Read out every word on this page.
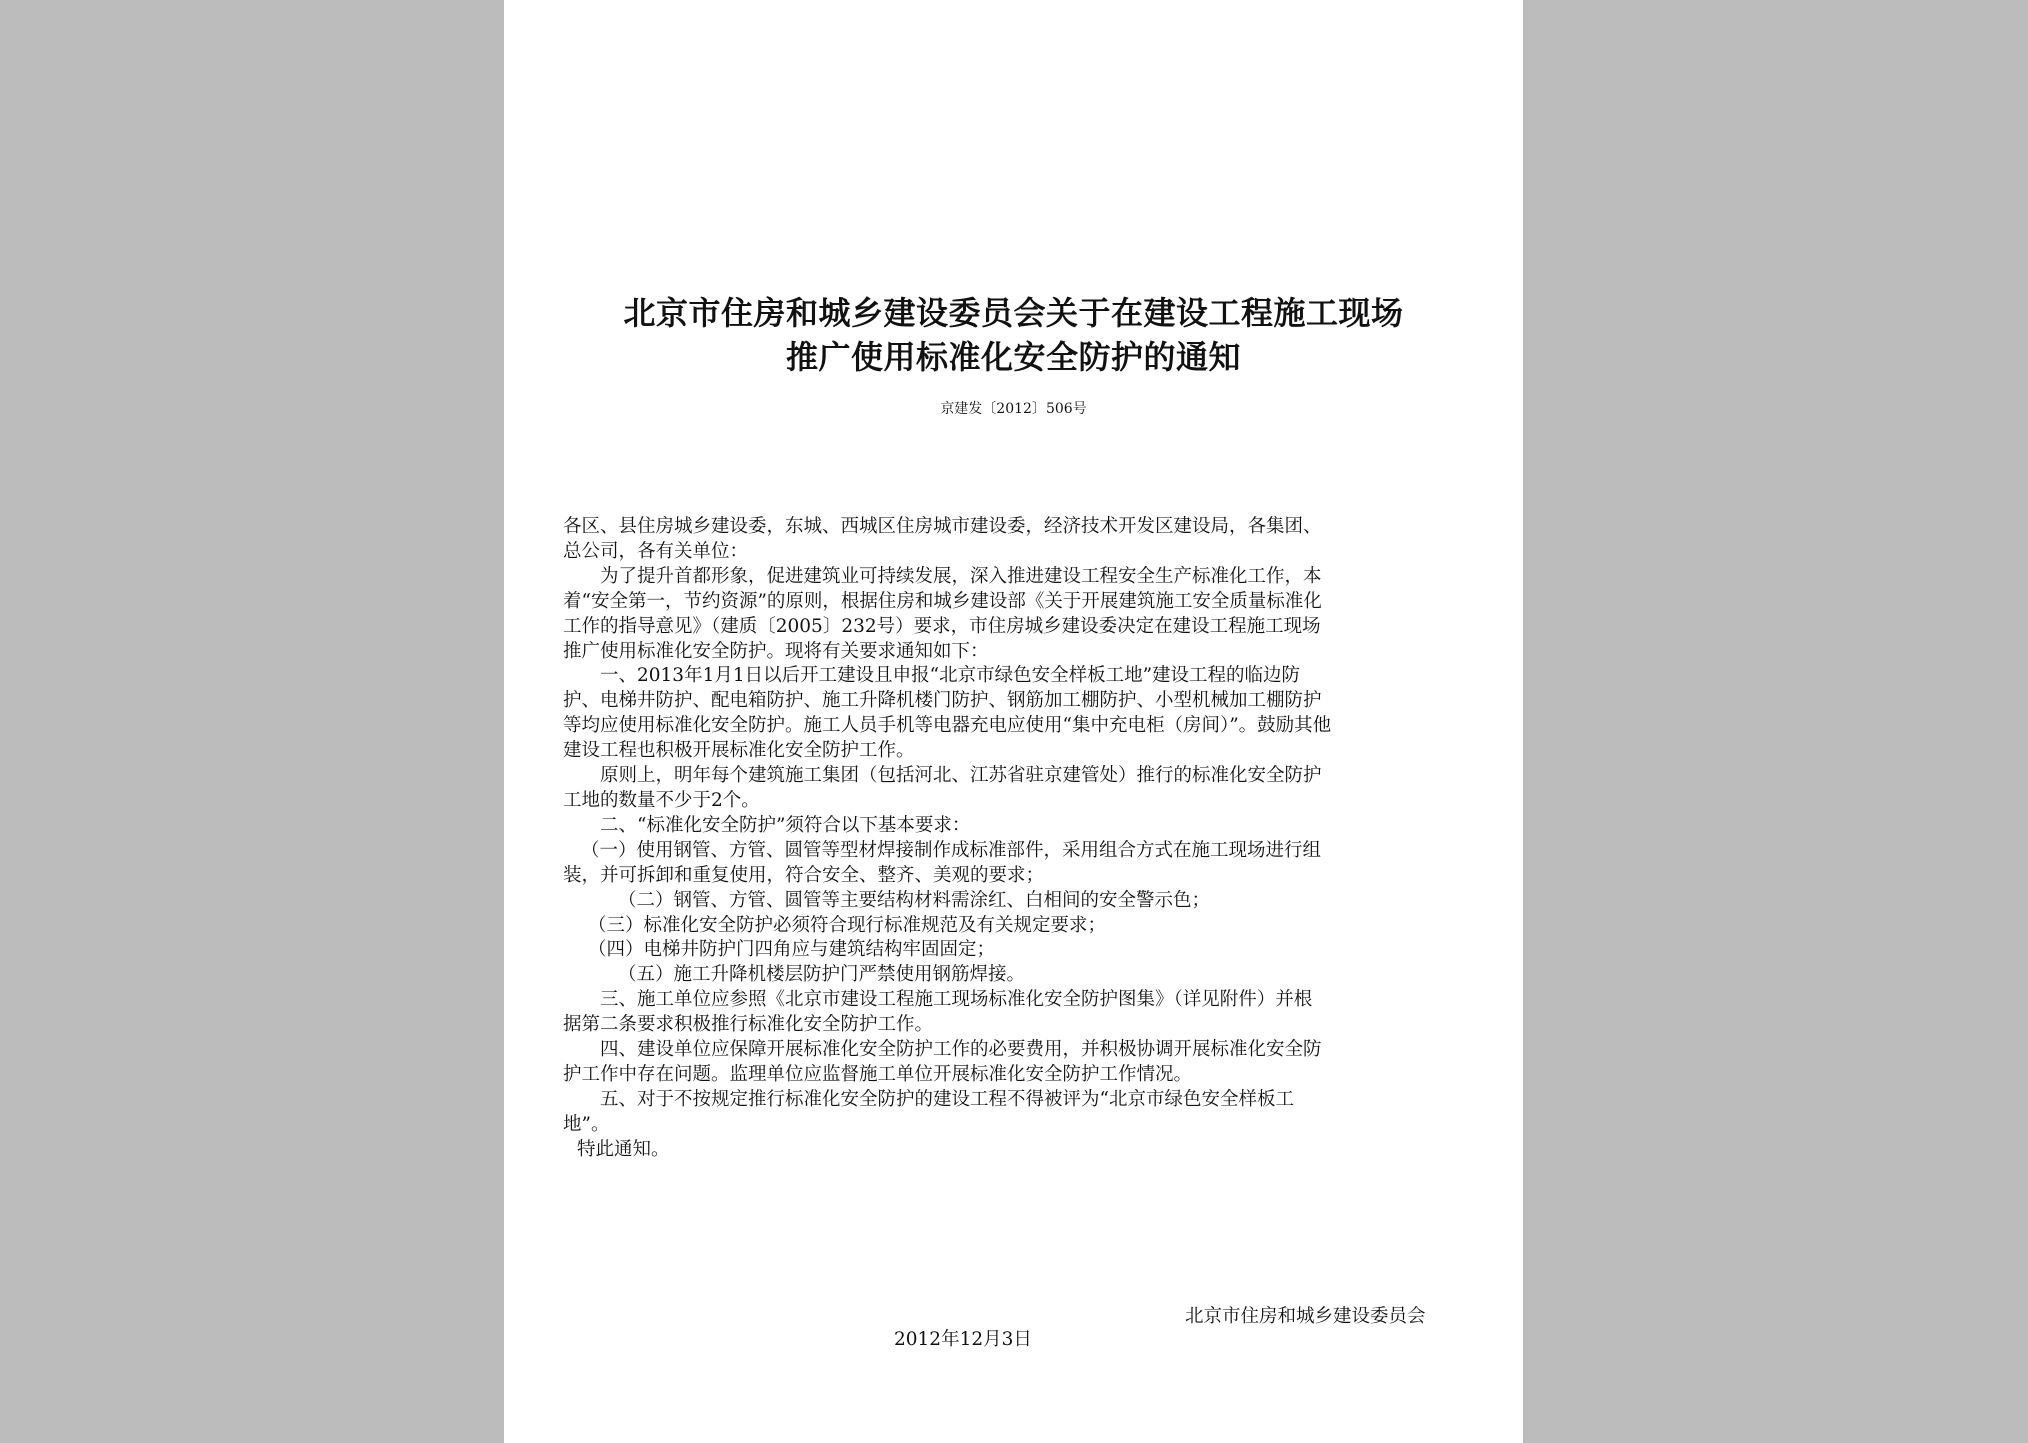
北京市住房和城乡建设委员会关于在建设工程施工现场
推广使用标准化安全防护的通知
京建发〔2012〕506号
各区、县住房城乡建设委，东城、西城区住房城市建设委，经济技术开发区建设局，各集团、
总公司，各有关单位：
为了提升首都形象，促进建筑业可持续发展，深入推进建设工程安全生产标准化工作，本
着“安全第一，节约资源”的原则，根据住房和城乡建设部《关于开展建筑施工安全质量标准化
工作的指导意见》（建质〔2005〕232号）要求，市住房城乡建设委决定在建设工程施工现场
推广使用标准化安全防护。现将有关要求通知如下：
一、2013年1月1日以后开工建设且申报“北京市绿色安全样板工地”建设工程的临边防
护、电梯井防护、配电箱防护、施工升降机楼门防护、钢筋加工棚防护、小型机械加工棚防护
等均应使用标准化安全防护。施工人员手机等电器充电应使用“集中充电柜（房间）”。鼓励其他
建设工程也积极开展标准化安全防护工作。
原则上，明年每个建筑施工集团（包括河北、江苏省驻京建管处）推行的标准化安全防护
工地的数量不少于2个。
二、“标准化安全防护”须符合以下基本要求：
（一）使用钢管、方管、圆管等型材焊接制作成标准部件，采用组合方式在施工现场进行组
装，并可拆卸和重复使用，符合安全、整齐、美观的要求；
（二）钢管、方管、圆管等主要结构材料需涂红、白相间的安全警示色；
（三）标准化安全防护必须符合现行标准规范及有关规定要求；
（四）电梯井防护门四角应与建筑结构牢固固定；
（五）施工升降机楼层防护门严禁使用钢筋焊接。
三、施工单位应参照《北京市建设工程施工现场标准化安全防护图集》（详见附件）并根
据第二条要求积极推行标准化安全防护工作。
四、建设单位应保障开展标准化安全防护工作的必要费用，并积极协调开展标准化安全防
护工作中存在问题。监理单位应监督施工单位开展标准化安全防护工作情况。
五、对于不按规定推行标准化安全防护的建设工程不得被评为“北京市绿色安全样板工
地”。
特此通知。
北京市住房和城乡建设委员会
2012年12月3日
